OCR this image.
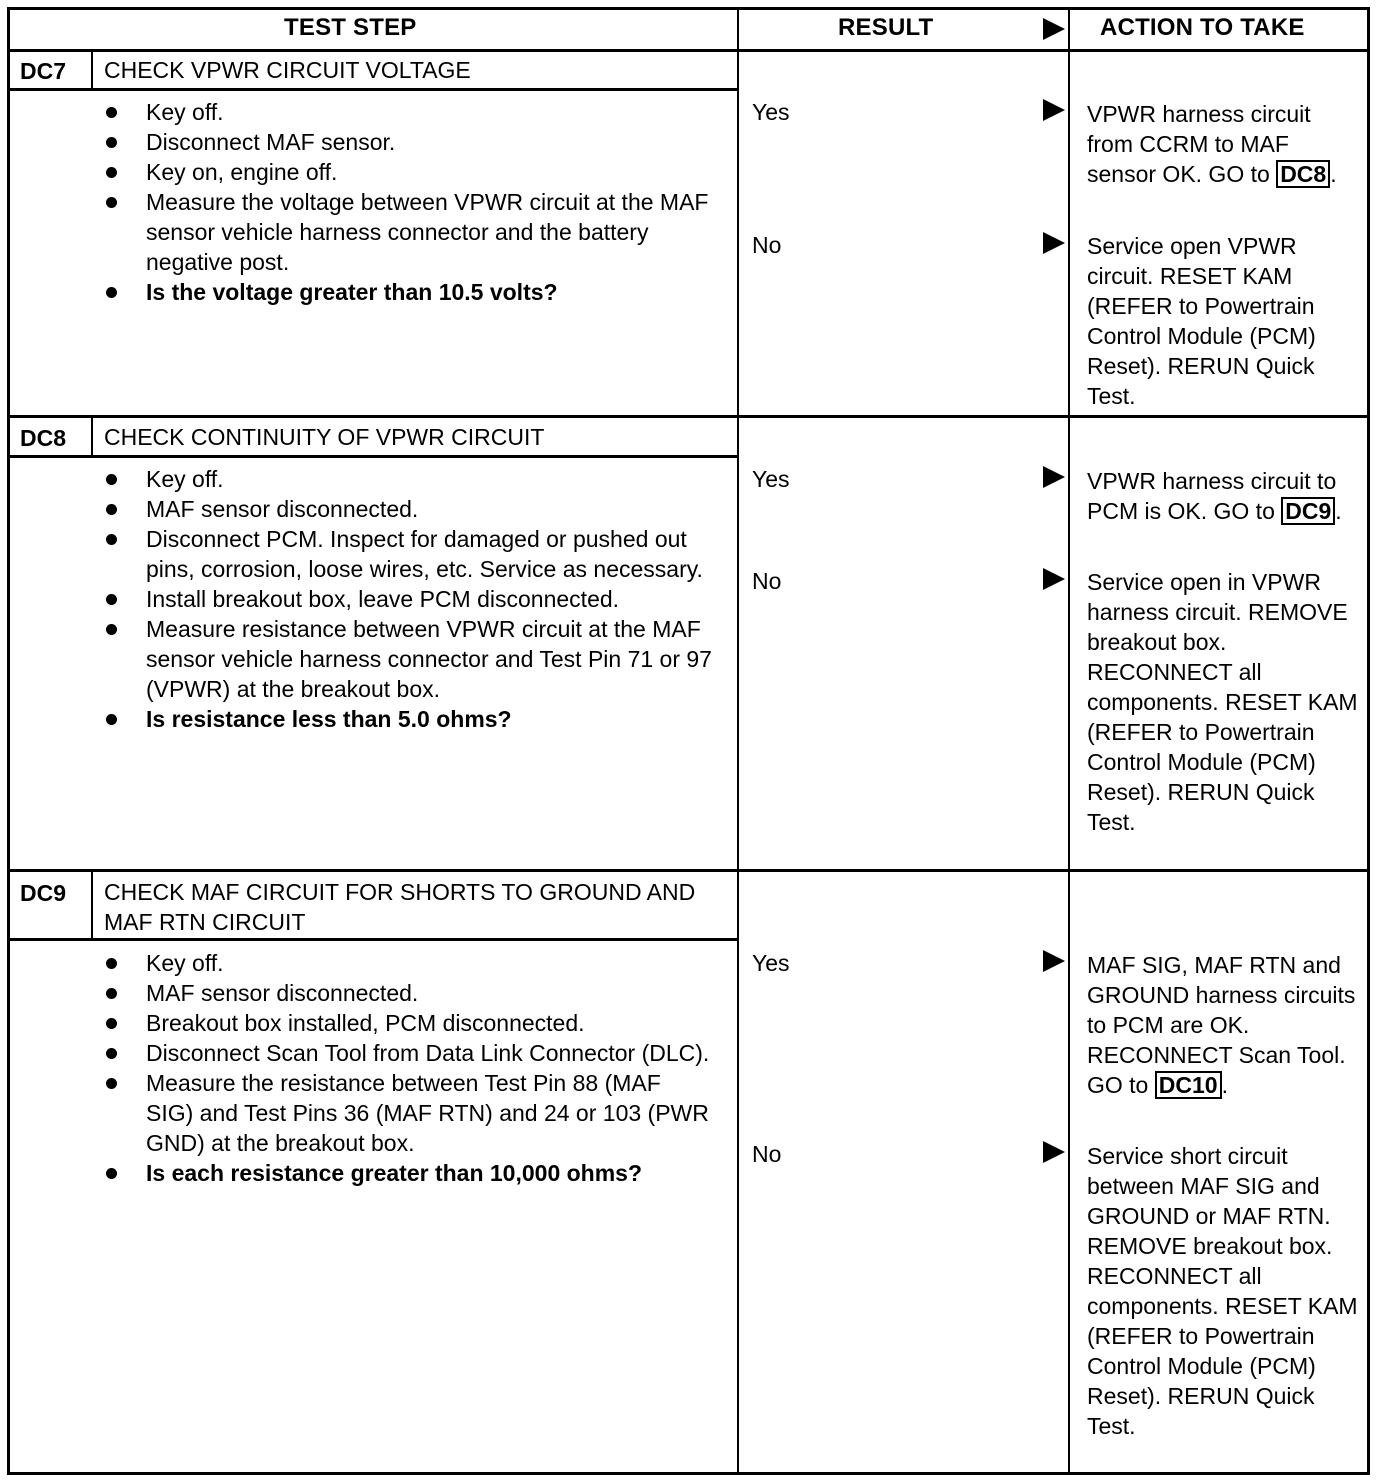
TEST STEP	RESULT	ACTION TO TAKE
DC7 CHECK VPWR CIRCUIT VOLTAGE
Key off.
Disconnect MAF sensor.
Key on, engine off.
Measure the voltage between VPWR circuit at the MAF sensor vehicle harness connector and the battery negative post.
Is the voltage greater than 10.5 volts?
Yes	VPWR harness circuit from CCRM to MAF sensor OK. GO to DC8 .
No	Service open VPWR circuit. RESET KAM (REFER to Powertrain Control Module (PCM) Reset). RERUN Quick Test.
DC8 CHECK CONTINUITY OF VPWR CIRCUIT
Key off.
MAF sensor disconnected.
Disconnect PCM. Inspect for damaged or pushed out pins, corrosion, loose wires, etc. Service as necessary.
Install breakout box, leave PCM disconnected.
Measure resistance between VPWR circuit at the MAF sensor vehicle harness connector and Test Pin 71 or 97 (VPWR) at the breakout box.
Is resistance less than 5.0 ohms?
Yes	VPWR harness circuit to PCM is OK. GO to DC9 .
No	Service open in VPWR harness circuit. REMOVE breakout box. RECONNECT all components. RESET KAM (REFER to Powertrain Control Module (PCM) Reset). RERUN Quick Test.
DC9 CHECK MAF CIRCUIT FOR SHORTS TO GROUND AND MAF RTN CIRCUIT
Key off.
MAF sensor disconnected.
Breakout box installed, PCM disconnected.
Disconnect Scan Tool from Data Link Connector (DLC).
Measure the resistance between Test Pin 88 (MAF SIG) and Test Pins 36 (MAF RTN) and 24 or 103 (PWR GND) at the breakout box.
Is each resistance greater than 10,000 ohms?
Yes	MAF SIG, MAF RTN and GROUND harness circuits to PCM are OK. RECONNECT Scan Tool. GO to DC10 .
No	Service short circuit between MAF SIG and GROUND or MAF RTN. REMOVE breakout box. RECONNECT all components. RESET KAM (REFER to Powertrain Control Module (PCM) Reset). RERUN Quick Test.
